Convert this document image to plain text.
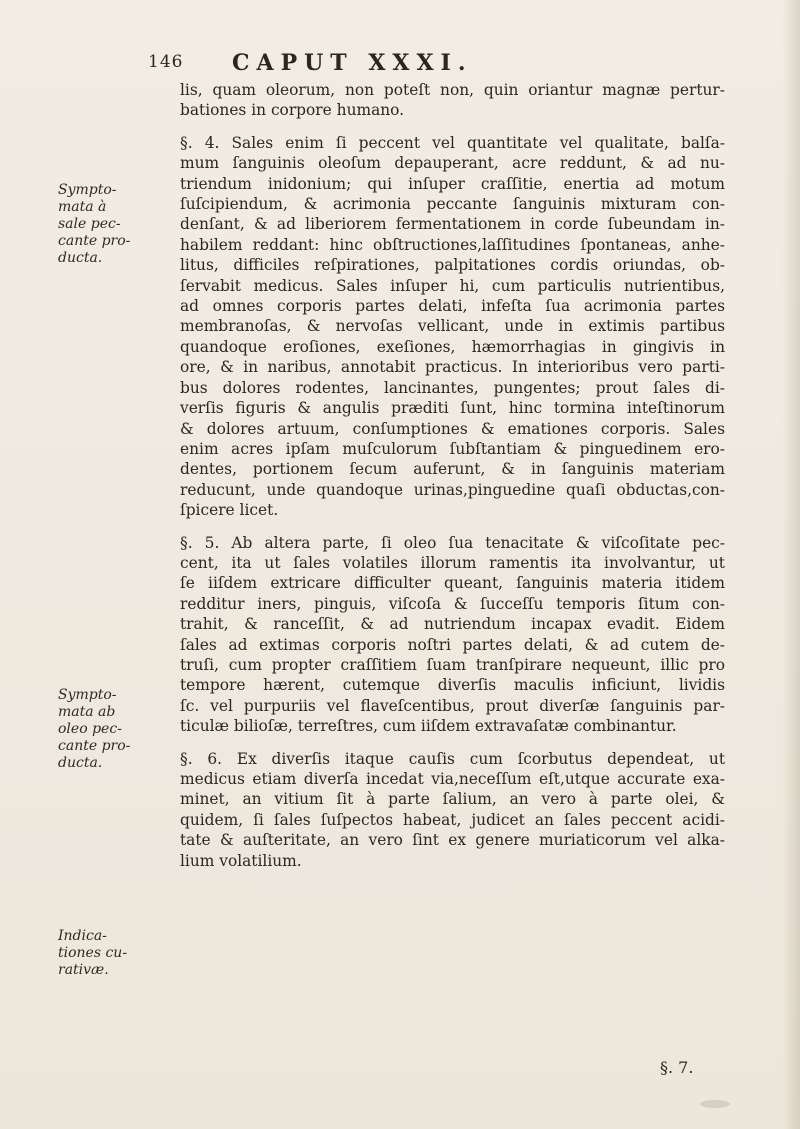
146 CAPUT XXXI.
Sympto-
mata à
sale pec-
cante pro-
ducta.
Sympto-
mata ab
oleo pec-
cante pro-
ducta.
Indica-
tiones cu-
rativæ.
lis, quam oleorum, non poteſt non, quin oriantur magnæ pertur-
bationes in corpore humano.
§. 4. Sales enim ſi peccent vel quantitate vel qualitate, balſa-
mum ſanguinis oleoſum depauperant, acre reddunt, & ad nu-
triendum inidonium; qui inſuper craſſitie, enertia ad motum
ſuſcipiendum, & acrimonia peccante ſanguinis mixturam con-
denſant, & ad liberiorem fermentationem in corde ſubeundam in-
habilem reddant: hinc obſtructiones,laſſitudines ſpontaneas, anhe-
litus, difficiles reſpirationes, palpitationes cordis oriundas, ob-
ſervabit medicus. Sales inſuper hi, cum particulis nutrientibus,
ad omnes corporis partes delati, infeſta ſua acrimonia partes
membranoſas, & nervoſas vellicant, unde in extimis partibus
quandoque eroſiones, exeſiones, hæmorrhagias in gingivis in
ore, & in naribus, annotabit practicus. In interioribus vero parti-
bus dolores rodentes, lancinantes, pungentes; prout ſales di-
verſis figuris & angulis præditi ſunt, hinc tormina inteſtinorum
& dolores artuum, conſumptiones & emationes corporis. Sales
enim acres ipſam muſculorum ſubſtantiam & pinguedinem ero-
dentes, portionem ſecum auferunt, & in ſanguinis materiam
reducunt, unde quandoque urinas,pinguedine quaſi obductas,con-
ſpicere licet.
§. 5. Ab altera parte, ſi oleo ſua tenacitate & viſcoſitate pec-
cent, ita ut ſales volatiles illorum ramentis ita involvantur, ut
ſe iiſdem extricare difficulter queant, ſanguinis materia itidem
redditur iners, pinguis, viſcoſa & ſucceſſu temporis ſitum con-
trahit, & ranceſſit, & ad nutriendum incapax evadit. Eidem
ſales ad extimas corporis noſtri partes delati, & ad cutem de-
truſi, cum propter craſſitiem ſuam tranſpirare nequeunt, illic pro
tempore hærent, cutemque diverſis maculis inficiunt, lividis
ſc. vel purpuriis vel flaveſcentibus, prout diverſæ ſanguinis par-
ticulæ bilioſæ, terreſtres, cum iiſdem extravaſatæ combinantur.
§. 6. Ex diverſis itaque cauſis cum ſcorbutus dependeat, ut
medicus etiam diverſa incedat via,neceſſum eſt,utque accurate exa-
minet, an vitium ſit à parte ſalium, an vero à parte olei, &
quidem, ſi ſales ſuſpectos habeat, judicet an ſales peccent acidi-
tate & auſteritate, an vero ſint ex genere muriaticorum vel alka-
lium volatilium.
§. 7.
